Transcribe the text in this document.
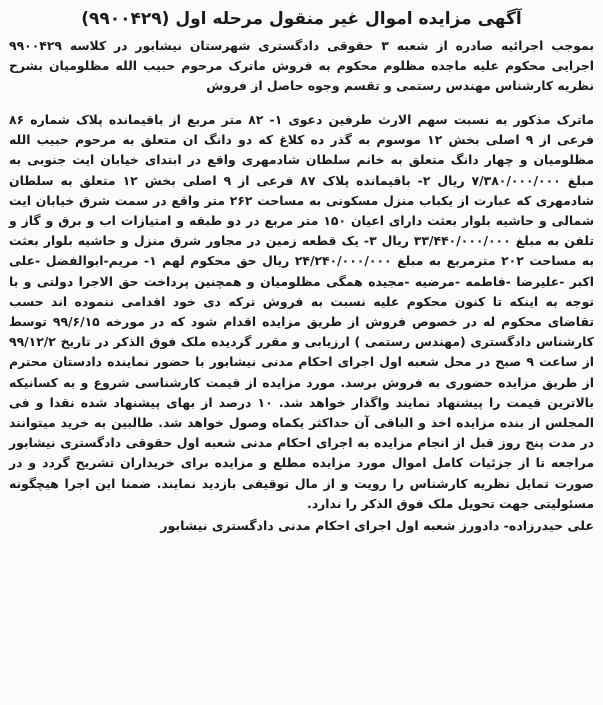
آگهی مزایده اموال غیر منقول مرحله اول (۹۹۰۰۴۲۹)

بموجب اجرائیه صادره از شعبه ۳ حقوقی دادگستری شهرستان نیشابور در کلاسه ۹۹۰۰۴۲۹ اجرایی محکوم علیه ماجده مظلوم محکوم به فروش ماترک مرحوم حبیب الله مظلومیان بشرح نظریه کارشناس مهندس رستمی و تقسم وجوه حاصل از فروش

ماترک مذکور به نسبت سهم الارث طرفین دعوی ۱- ۸۲ متر مربع از باقیمانده پلاک شماره ۸۶ فرعی از ۹ اصلی بخش ۱۲ موسوم به گذر ده کلاغ که دو دانگ ان متعلق به مرحوم حبیب الله مظلومیان و چهار دانگ متعلق به خانم سلطان شادمهری واقع در ابتدای خیابان ایت جنوبی به مبلغ ۷/۳۸۰/۰۰۰/۰۰۰ ریال ۲- باقیمانده پلاک ۸۷ فرعی از ۹ اصلی بخش ۱۲ متعلق به سلطان شادمهری که عبارت از یکباب منزل مسکونی به مساحت ۲۶۲ متر واقع در سمت شرق خیابان ایت شمالی و حاشیه بلوار بعثت دارای اعیان ۱۵۰ متر مربع در دو طبقه و امتیازات اب و برق و گاز و تلفن به مبلغ ۳۳/۴۴۰/۰۰۰/۰۰۰ ریال ۳- یک قطعه زمین در مجاور شرق منزل و حاشیه بلوار بعثت به مساحت ۲۰۲ مترمربع به مبلغ ۲۴/۲۴۰/۰۰۰/۰۰۰ ریال حق محکوم لهم ۱- مریم-ابوالفضل -علی اکبر -علیرضا -فاطمه -مرضیه -مجیده همگی مظلومیان و همچنین پرداخت حق الاجرا دولتی و با توجه به اینکه تا کنون محکوم علیه نسبت به فروش ترکه دی خود اقدامی ننموده اند حسب تقاضای محکوم له در خصوص فروش از طریق مزایده اقدام شود که در مورخه ۹۹/۶/۱۵ توسط کارشناس دادگستری (مهندس رستمی ) ارزیابی و مقرر گردیده ملک فوق الذکر در تاریخ ۹۹/۱۲/۲ از ساعت ۹ صبح در محل شعبه اول اجرای احکام مدنی نیشابور با حضور نماینده دادستان محترم از طریق مزایده حضوری به فروش برسد. مورد مزایده از قیمت کارشناسی شروع و به کسانیکه بالاترین قیمت را پیشنهاد نمایند واگذار خواهد شد. ۱۰ درصد از بهای پیشنهاد شده نقدا و فی المجلس از بنده مزایده اخذ و الباقی آن حداکثر یکماه وصول خواهد شد. طالبین به خرید میتوانند در مدت پنج روز قبل از انجام مزایده به اجرای احکام مدنی شعبه اول حقوقی دادگستری نیشابور مراجعه تا از جزئیات کامل اموال مورد مزایده مطلع و مزایده برای خریداران تشریح گردد و در صورت تمایل نظریه کارشناس را رویت و از مال توقیفی بازدید نمایند. ضمنا این اجرا هیچگونه مسئولیتی جهت تحویل ملک فوق الذکر را ندارد.

علی حیدرزاده- دادورز شعبه اول اجرای احکام مدنی دادگستری نیشابور
